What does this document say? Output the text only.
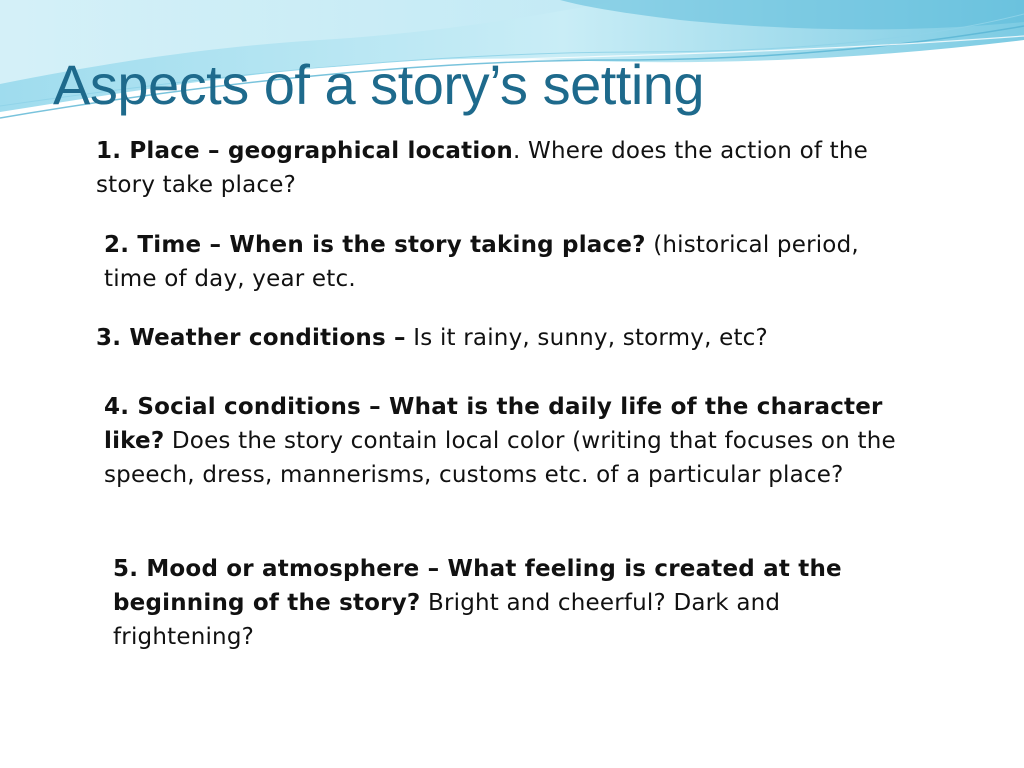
Aspects of a story’s setting

1. Place – geographical location. Where does the action of the story take place?

2. Time – When is the story taking place? (historical period, time of day, year etc.

3. Weather conditions – Is it rainy, sunny, stormy, etc?

4. Social conditions – What is the daily life of the character like? Does the story contain local color (writing that focuses on the speech, dress, mannerisms, customs etc. of a particular place?

5. Mood or atmosphere – What feeling is created at the beginning of the story? Bright and cheerful? Dark and frightening?
